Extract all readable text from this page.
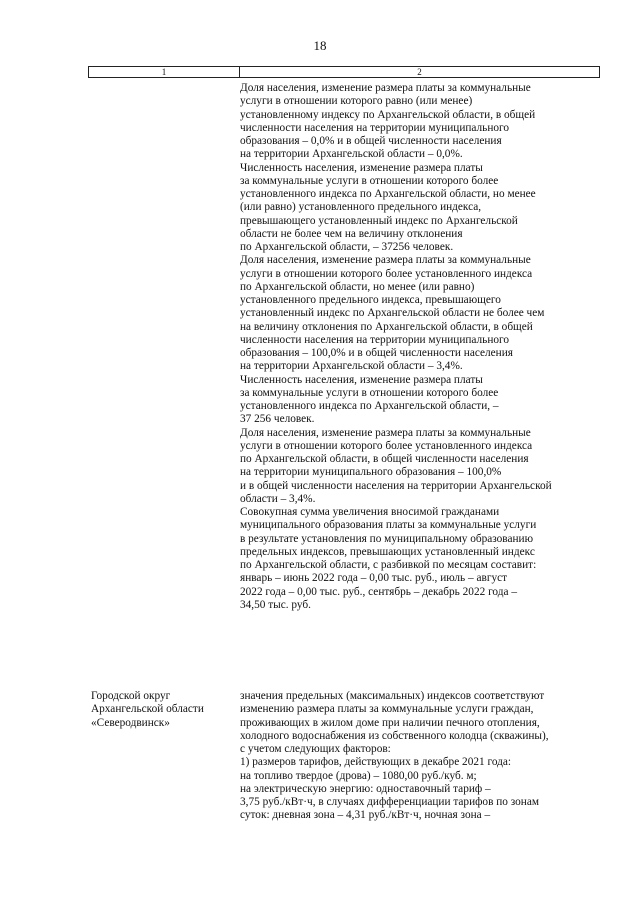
18
1	2
Доля населения, изменение размера платы за коммунальные
услуги в отношении которого равно (или менее)
установленному индексу по Архангельской области, в общей
численности населения на территории муниципального
образования – 0,0% и в общей численности населения
на территории Архангельской области – 0,0%.
Численность населения, изменение размера платы
за коммунальные услуги в отношении которого более
установленного индекса по Архангельской области, но менее
(или равно) установленного предельного индекса,
превышающего установленный индекс по Архангельской
области не более чем на величину отклонения
по Архангельской области, – 37256 человек.
Доля населения, изменение размера платы за коммунальные
услуги в отношении которого более установленного индекса
по Архангельской области, но менее (или равно)
установленного предельного индекса, превышающего
установленный индекс по Архангельской области не более чем
на величину отклонения по Архангельской области, в общей
численности населения на территории муниципального
образования – 100,0% и в общей численности населения
на территории Архангельской области – 3,4%.
Численность населения, изменение размера платы
за коммунальные услуги в отношении которого более
установленного индекса по Архангельской области, –
37 256 человек.
Доля населения, изменение размера платы за коммунальные
услуги в отношении которого более установленного индекса
по Архангельской области, в общей численности населения
на территории муниципального образования – 100,0%
и в общей численности населения на территории Архангельской
области – 3,4%.
Совокупная сумма увеличения вносимой гражданами
муниципального образования платы за коммунальные услуги
в результате установления по муниципальному образованию
предельных индексов, превышающих установленный индекс
по Архангельской области, с разбивкой по месяцам составит:
январь – июнь 2022 года – 0,00 тыс. руб., июль – август
2022 года – 0,00 тыс. руб., сентябрь – декабрь 2022 года –
34,50 тыс. руб.
Городской округ
Архангельской области
«Северодвинск»
значения предельных (максимальных) индексов соответствуют
изменению размера платы за коммунальные услуги граждан,
проживающих в жилом доме при наличии печного отопления,
холодного водоснабжения из собственного колодца (скважины),
с учетом следующих факторов:
1) размеров тарифов, действующих в декабре 2021 года:
на топливо твердое (дрова) – 1080,00 руб./куб. м;
на электрическую энергию: одноставочный тариф –
3,75 руб./кВт·ч, в случаях дифференциации тарифов по зонам
суток: дневная зона – 4,31 руб./кВт·ч, ночная зона –
